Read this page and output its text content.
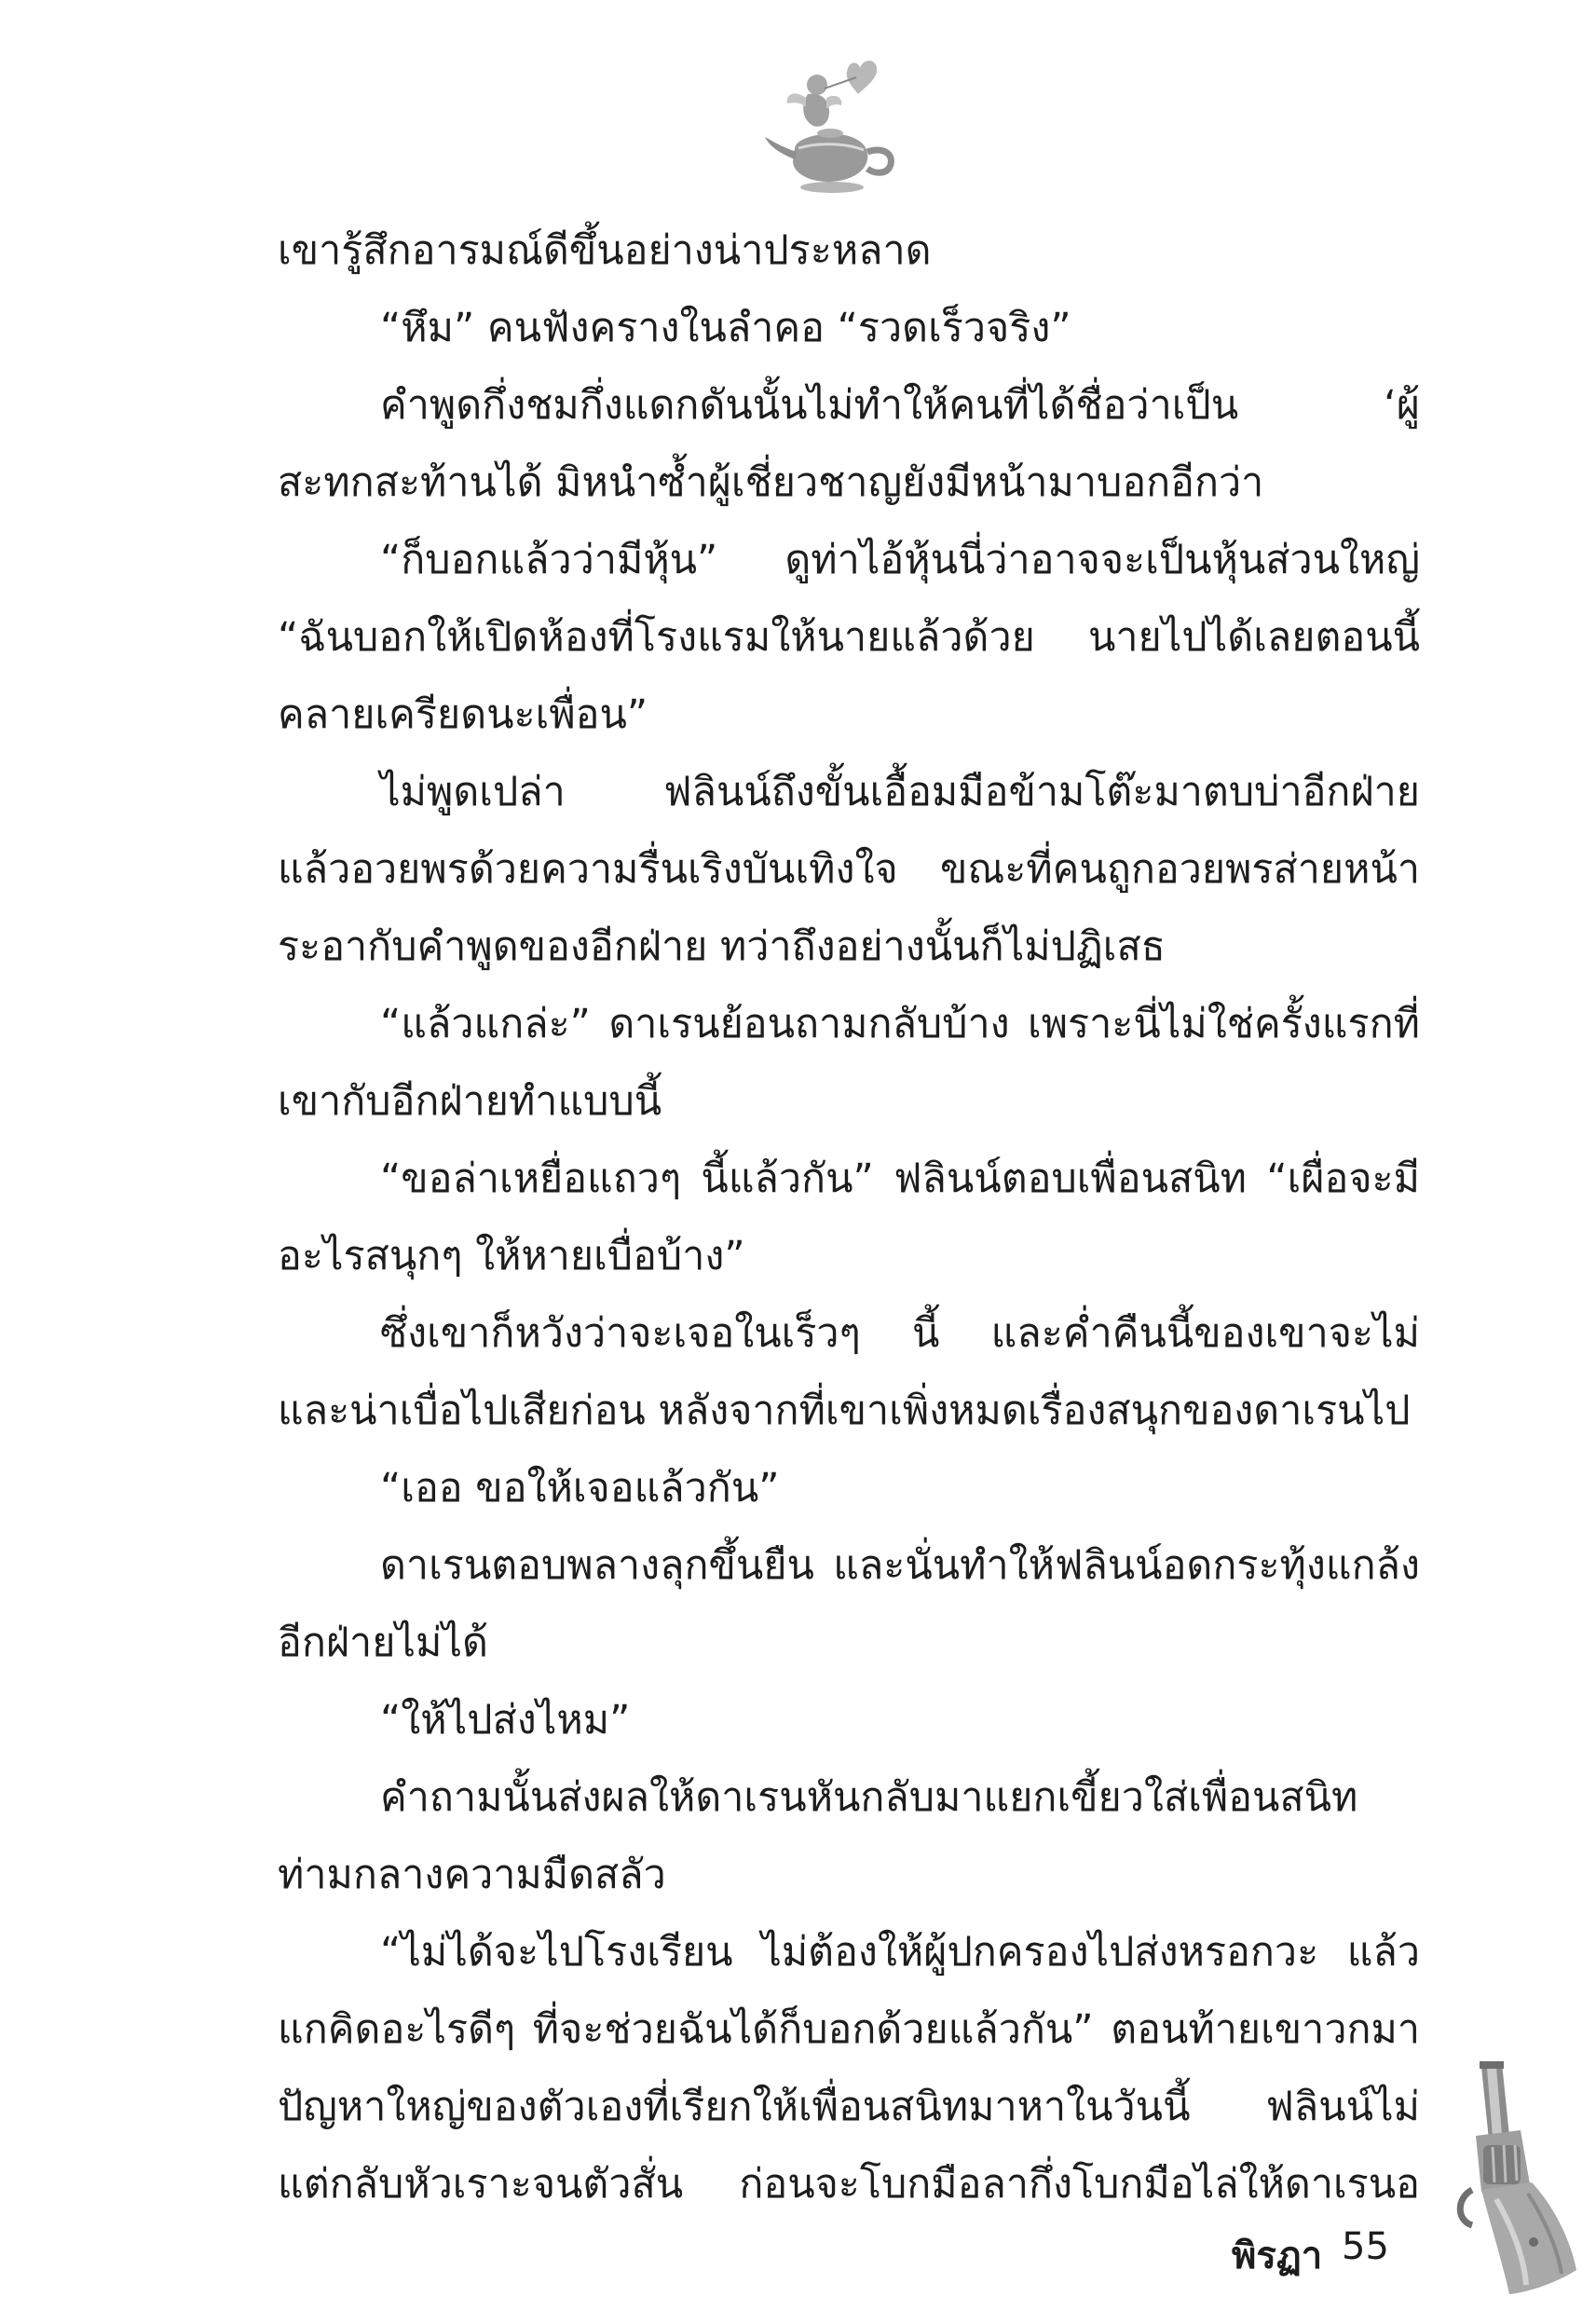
เขารู้สึกอารมณ์ดีขึ้นอย่างน่าประหลาด
“หึม” คนฟังครางในลำคอ “รวดเร็วจริง”
คำพูดกึ่งชมกึ่งแดกดันนั้นไม่ทำให้คนที่ได้ชื่อว่าเป็น ‘ผู้
สะทกสะท้านได้ มิหนำซ้ำผู้เชี่ยวชาญยังมีหน้ามาบอกอีกว่า
“ก็บอกแล้วว่ามีหุ้น” ดูท่าไอ้หุ้นนี่ว่าอาจจะเป็นหุ้นส่วนใหญ่
“ฉันบอกให้เปิดห้องที่โรงแรมให้นายแล้วด้วย นายไปได้เลยตอนนี้
คลายเครียดนะเพื่อน”
ไม่พูดเปล่า ฟลินน์ถึงขั้นเอื้อมมือข้ามโต๊ะมาตบบ่าอีกฝ่าย
แล้วอวยพรด้วยความรื่นเริงบันเทิงใจ ขณะที่คนถูกอวยพรส่ายหน้า
ระอากับคำพูดของอีกฝ่าย ทว่าถึงอย่างนั้นก็ไม่ปฏิเสธ
“แล้วแกล่ะ” ดาเรนย้อนถามกลับบ้าง เพราะนี่ไม่ใช่ครั้งแรกที่
เขากับอีกฝ่ายทำแบบนี้
“ขอล่าเหยื่อแถวๆ นี้แล้วกัน” ฟลินน์ตอบเพื่อนสนิท “เผื่อจะมี
อะไรสนุกๆ ให้หายเบื่อบ้าง”
ซึ่งเขาก็หวังว่าจะเจอในเร็วๆ นี้ และค่ำคืนนี้ของเขาจะไม่
และน่าเบื่อไปเสียก่อน หลังจากที่เขาเพิ่งหมดเรื่องสนุกของดาเรนไป
“เออ ขอให้เจอแล้วกัน”
ดาเรนตอบพลางลุกขึ้นยืน และนั่นทำให้ฟลินน์อดกระทุ้งแกล้ง
อีกฝ่ายไม่ได้
“ให้ไปส่งไหม”
คำถามนั้นส่งผลให้ดาเรนหันกลับมาแยกเขี้ยวใส่เพื่อนสนิท
ท่ามกลางความมืดสลัว
“ไม่ได้จะไปโรงเรียน ไม่ต้องให้ผู้ปกครองไปส่งหรอกวะ แล้ว
แกคิดอะไรดีๆ ที่จะช่วยฉันได้ก็บอกด้วยแล้วกัน” ตอนท้ายเขาวกมา
ปัญหาใหญ่ของตัวเองที่เรียกให้เพื่อนสนิทมาหาในวันนี้ ฟลินน์ไม่
แต่กลับหัวเราะจนตัวสั่น ก่อนจะโบกมือลากึ่งโบกมือไล่ให้ดาเรนอ
พิรฏา 55
